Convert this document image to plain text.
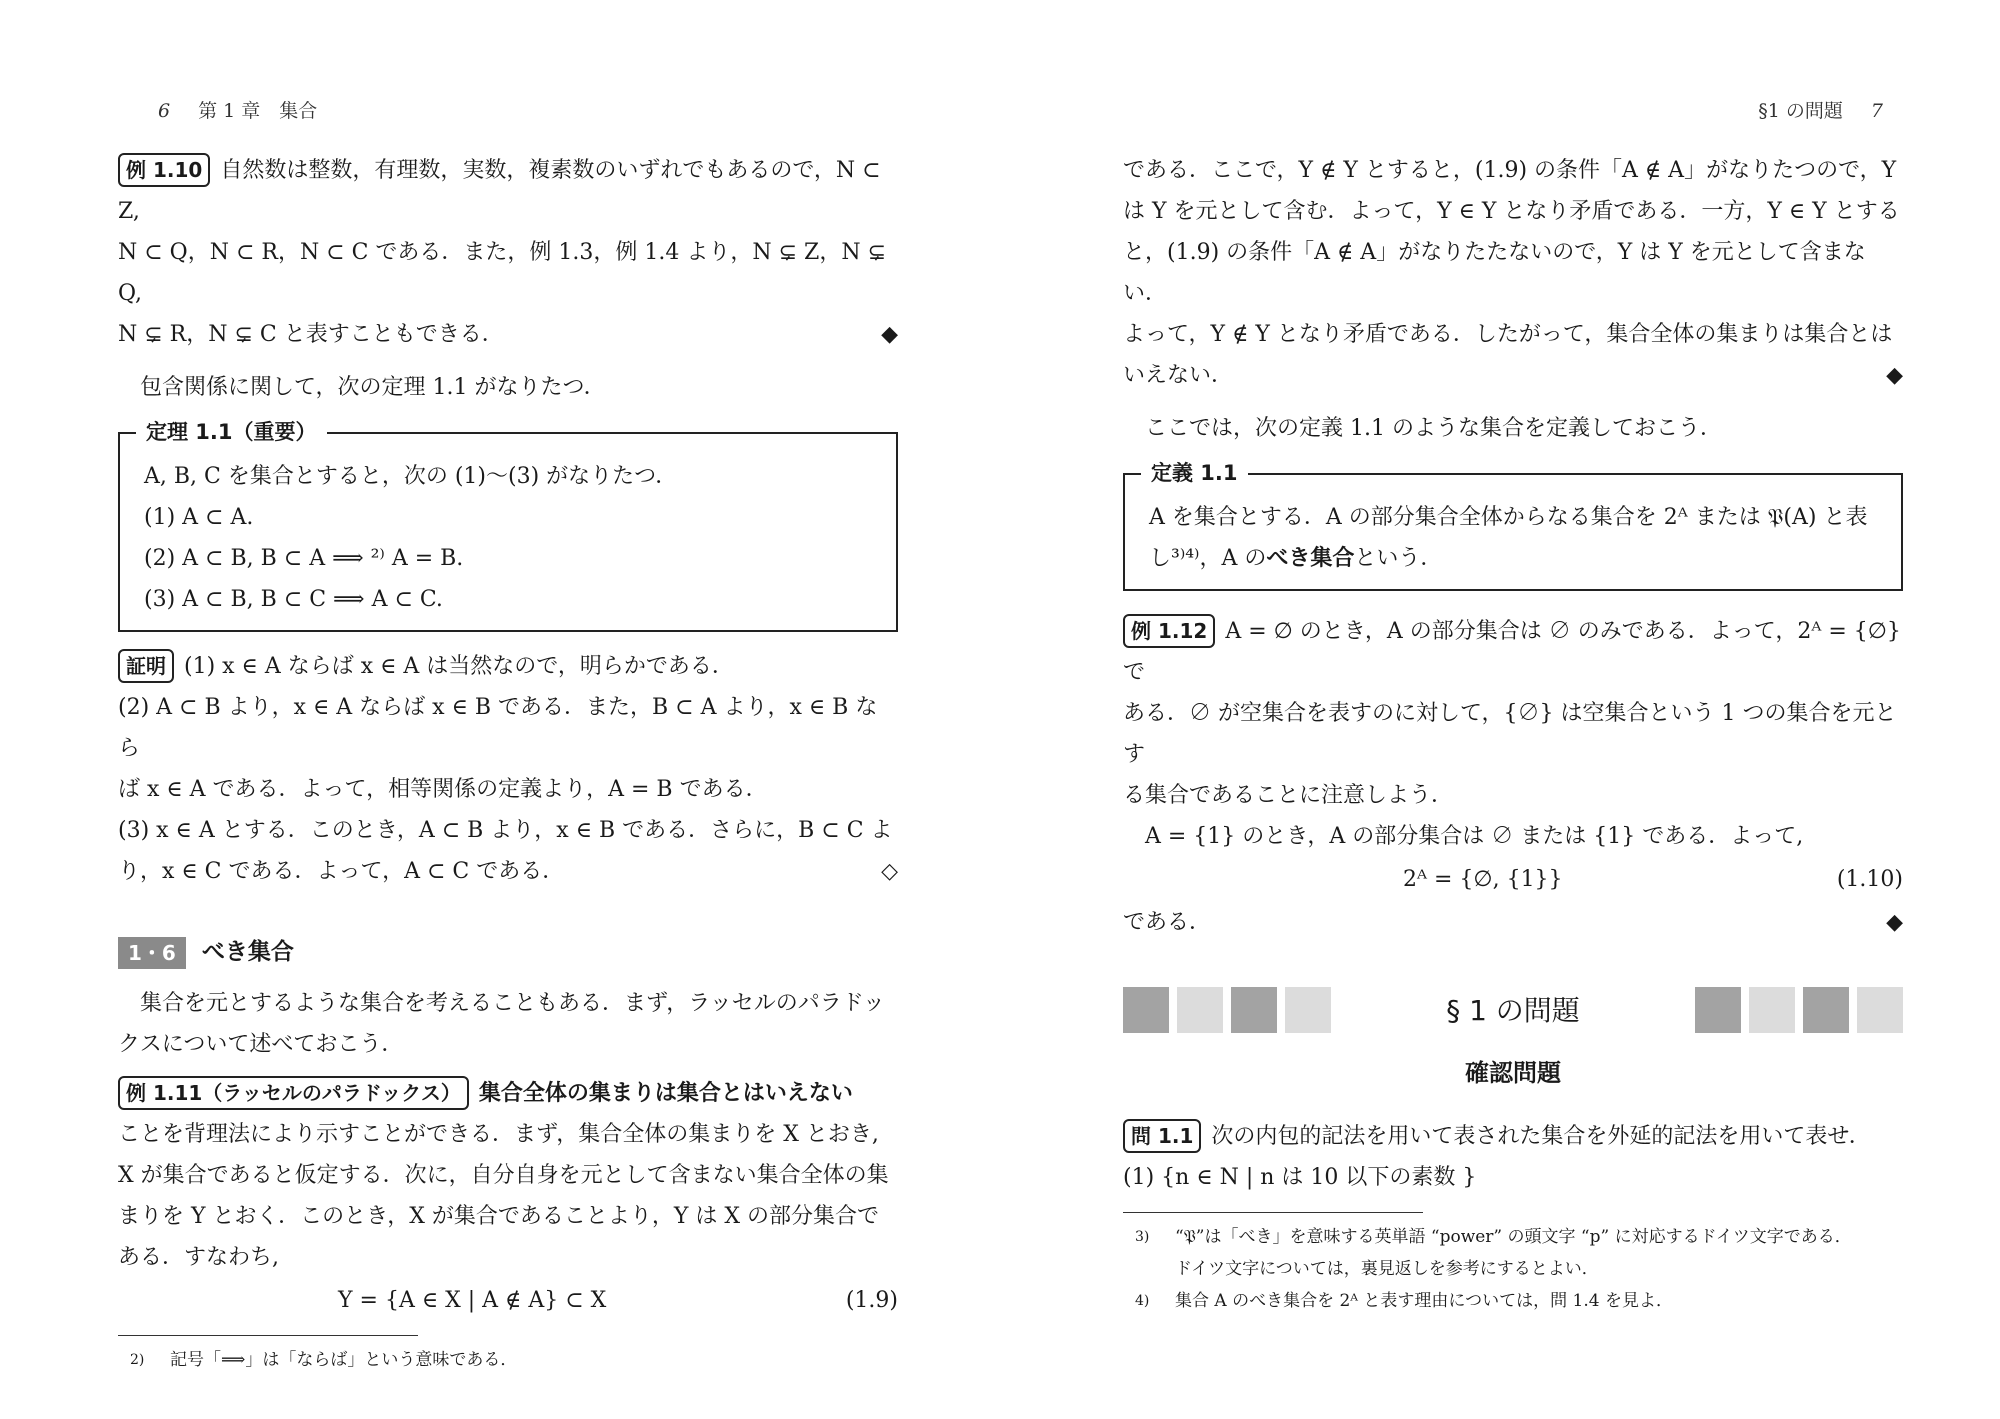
6 第 1 章　集合

例 1.10 自然数は整数，有理数，実数，複素数のいずれでもあるので，N ⊂ Z,

N ⊂ Q，N ⊂ R，N ⊂ C である．また，例 1.3，例 1.4 より，N ⊊ Z，N ⊊ Q,

N ⊊ R，N ⊊ C と表すこともできる．	◆

包含関係に関して，次の定理 1.1 がなりたつ．

定理 1.1（重要）

A, B, C を集合とすると，次の (1)〜(3) がなりたつ．

(1) A ⊂ A.

(2) A ⊂ B, B ⊂ A ⟹ ²⁾ A = B.

(3) A ⊂ B, B ⊂ C ⟹ A ⊂ C.

証明 (1) x ∈ A ならば x ∈ A は当然なので，明らかである．

(2) A ⊂ B より，x ∈ A ならば x ∈ B である．また，B ⊂ A より，x ∈ B なら

ば x ∈ A である．よって，相等関係の定義より，A = B である．

(3) x ∈ A とする．このとき，A ⊂ B より，x ∈ B である．さらに，B ⊂ C よ

り，x ∈ C である．よって，A ⊂ C である．	◇

1・6	べき集合

集合を元とするような集合を考えることもある．まず，ラッセルのパラドッ

クスについて述べておこう．

例 1.11（ラッセルのパラドックス） 集合全体の集まりは集合とはいえない

ことを背理法により示すことができる．まず，集合全体の集まりを X とおき,

X が集合であると仮定する．次に，自分自身を元として含まない集合全体の集

まりを Y とおく．このとき，X が集合であることより，Y は X の部分集合で

ある．すなわち,

Y = {A ∈ X | A ∉ A} ⊂ X	(1.9)
2)	記号「⟹」は「ならば」という意味である．
§1 の問題 7

である．ここで，Y ∉ Y とすると，(1.9) の条件「A ∉ A」がなりたつので，Y

は Y を元として含む．よって，Y ∈ Y となり矛盾である．一方，Y ∈ Y とする

と，(1.9) の条件「A ∉ A」がなりたたないので，Y は Y を元として含まない．

よって，Y ∉ Y となり矛盾である．したがって，集合全体の集まりは集合とは

いえない．	◆

ここでは，次の定義 1.1 のような集合を定義しておこう．

定義 1.1

A を集合とする．A の部分集合全体からなる集合を 2ᴬ または 𝔓(A) と表

し³⁾⁴⁾，A のべき集合という．

例 1.12 A = ∅ のとき，A の部分集合は ∅ のみである．よって，2ᴬ = {∅} で

ある．∅ が空集合を表すのに対して，{∅} は空集合という 1 つの集合を元とす

る集合であることに注意しよう．

A = {1} のとき，A の部分集合は ∅ または {1} である．よって,

2ᴬ = {∅, {1}}	(1.10)

である．	◆

§ 1 の問題
確認問題

問 1.1 次の内包的記法を用いて表された集合を外延的記法を用いて表せ．

(1) {n ∈ N | n は 10 以下の素数 }

3)	“𝔓”は「べき」を意味する英単語 “power” の頭文字 “p” に対応するドイツ文字である．
ドイツ文字については，裏見返しを参考にするとよい．
4)	集合 A のべき集合を 2ᴬ と表す理由については，問 1.4 を見よ．
